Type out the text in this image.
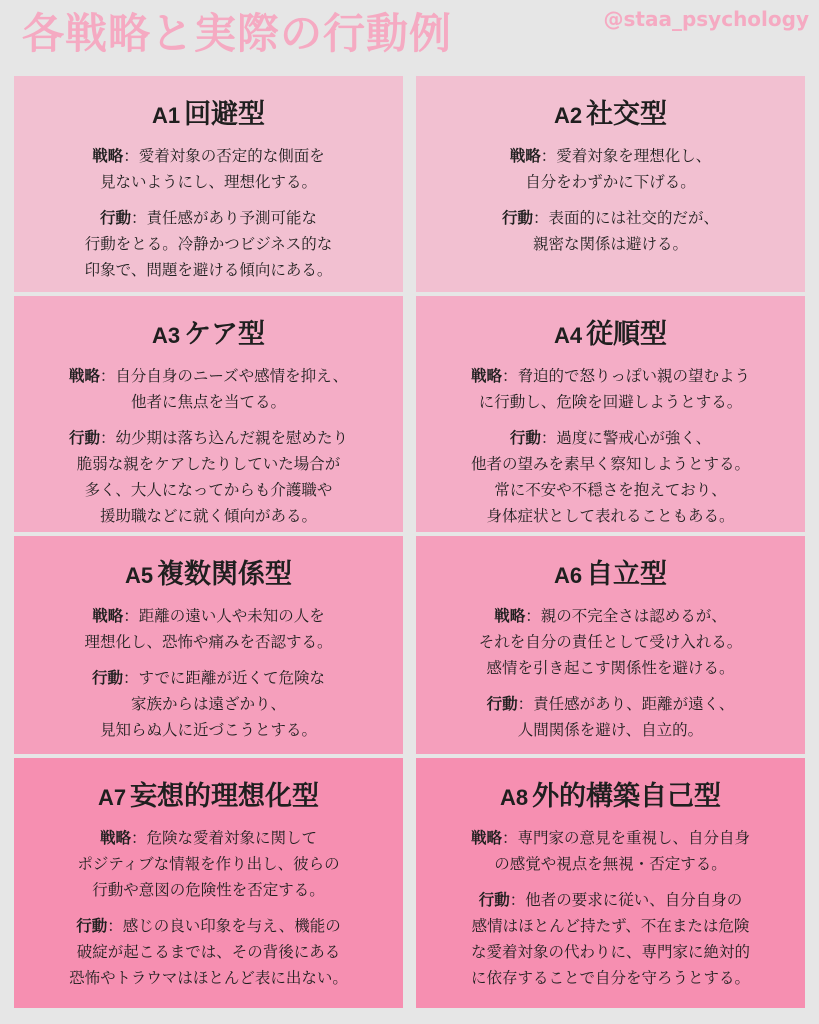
各戦略と実際の行動例	@staa_psychology
A1 回避型

戦略：愛着対象の否定的な側面を
見ないようにし、理想化する。

行動：責任感があり予測可能な
行動をとる。冷静かつビジネス的な
印象で、問題を避ける傾向にある。

A2 社交型

戦略：愛着対象を理想化し、
自分をわずかに下げる。

行動：表面的には社交的だが、
親密な関係は避ける。

A3 ケア型

戦略：自分自身のニーズや感情を抑え、
他者に焦点を当てる。

行動：幼少期は落ち込んだ親を慰めたり
脆弱な親をケアしたりしていた場合が
多く、大人になってからも介護職や
援助職などに就く傾向がある。

A4 従順型

戦略：脅迫的で怒りっぽい親の望むよう
に行動し、危険を回避しようとする。

行動：過度に警戒心が強く、
他者の望みを素早く察知しようとする。
常に不安や不穏さを抱えており、
身体症状として表れることもある。

A5 複数関係型

戦略：距離の遠い人や未知の人を
理想化し、恐怖や痛みを否認する。

行動：すでに距離が近くて危険な
家族からは遠ざかり、
見知らぬ人に近づこうとする。

A6 自立型

戦略：親の不完全さは認めるが、
それを自分の責任として受け入れる。
感情を引き起こす関係性を避ける。

行動：責任感があり、距離が遠く、
人間関係を避け、自立的。

A7 妄想的理想化型

戦略：危険な愛着対象に関して
ポジティブな情報を作り出し、彼らの
行動や意図の危険性を否定する。

行動：感じの良い印象を与え、機能の
破綻が起こるまでは、その背後にある
恐怖やトラウマはほとんど表に出ない。

A8 外的構築自己型

戦略：専門家の意見を重視し、自分自身
の感覚や視点を無視・否定する。

行動：他者の要求に従い、自分自身の
感情はほとんど持たず、不在または危険
な愛着対象の代わりに、専門家に絶対的
に依存することで自分を守ろうとする。
